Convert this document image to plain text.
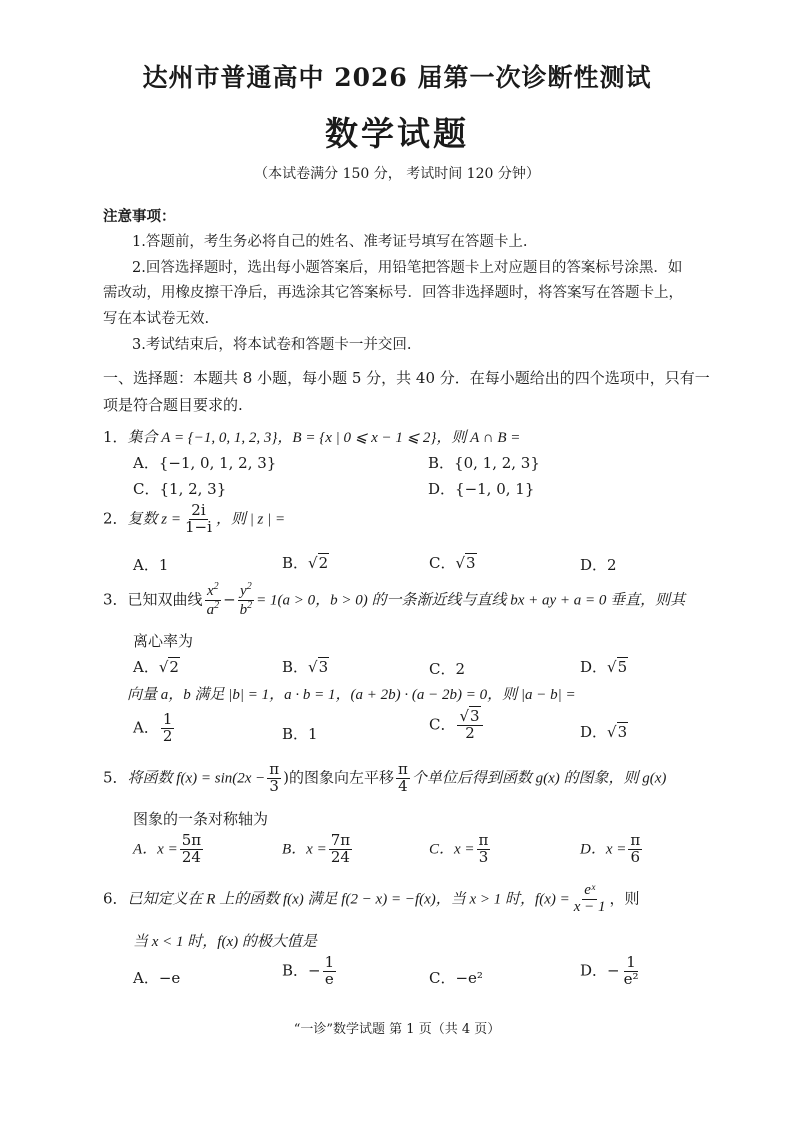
达州市普通高中 2026 届第一次诊断性测试
数学试题
（本试卷满分 150 分， 考试时间 120 分钟）
注意事项：
1.答题前，考生务必将自己的姓名、准考证号填写在答题卡上.
2.回答选择题时，选出每小题答案后，用铅笔把答题卡上对应题目的答案标号涂黑．如
需改动，用橡皮擦干净后，再选涂其它答案标号．回答非选择题时，将答案写在答题卡上，
写在本试卷无效.
3.考试结束后，将本试卷和答题卡一并交回.
一、选择题：本题共 8 小题，每小题 5 分，共 40 分．在每小题给出的四个选项中，只有一
项是符合题目要求的.
1．集合 A = {−1, 0, 1, 2, 3}，B = {x | 0 ⩽ x − 1 ⩽ 2}，则 A ∩ B =
A．{−1, 0, 1, 2, 3}	B．{0, 1, 2, 3}
C．{1, 2, 3}	D．{−1, 0, 1}
2．复数 $z = \frac{2i}{1-i}$ ，则 | z | =
A．1	B．√2	C．√3	D．2
3．已知双曲线 $\frac{x^2}{a^2} - \frac{y^2}{b^2} = 1(a > 0$，b > 0) 的一条渐近线与直线 bx + ay + a = 0 垂直，则其
离心率为
A．√2	B．√3	C．2	D．√5
向量 a，b 满足 |b| = 1，a · b = 1，(a + 2b) · (a − 2b) = 0，则 |a − b| =
A． $\frac{1}{2}$	B．1
C． $\frac{√3}{2}$	D．√3
5．将函数 $f(x) = \sin(2x - \frac{\pi}{3}$ )的图象向左平移 $\frac{\pi}{4}$ 个单位后得到函数 g(x) 的图象，则 g(x)
图象的一条对称轴为
A．$x = \frac{5\pi}{24}$	B．$x = \frac{7\pi}{24}$	C．$x = \frac{\pi}{3}$	D．$x = \frac{\pi}{6}$
6．已知定义在 R 上的函数 f(x) 满足 f(2 − x) = −f(x)，当 x > 1 时，$f(x) = \frac{\text{eˣ}}{x - 1}$ ，则
当 x < 1 时，f(x) 的极大值是
A．−e	B．− $\frac{1}{e}$	C．−e²	D．− $\frac{1}{\text{e²}}$
“一诊”数学试题 第 1 页（共 4 页）
